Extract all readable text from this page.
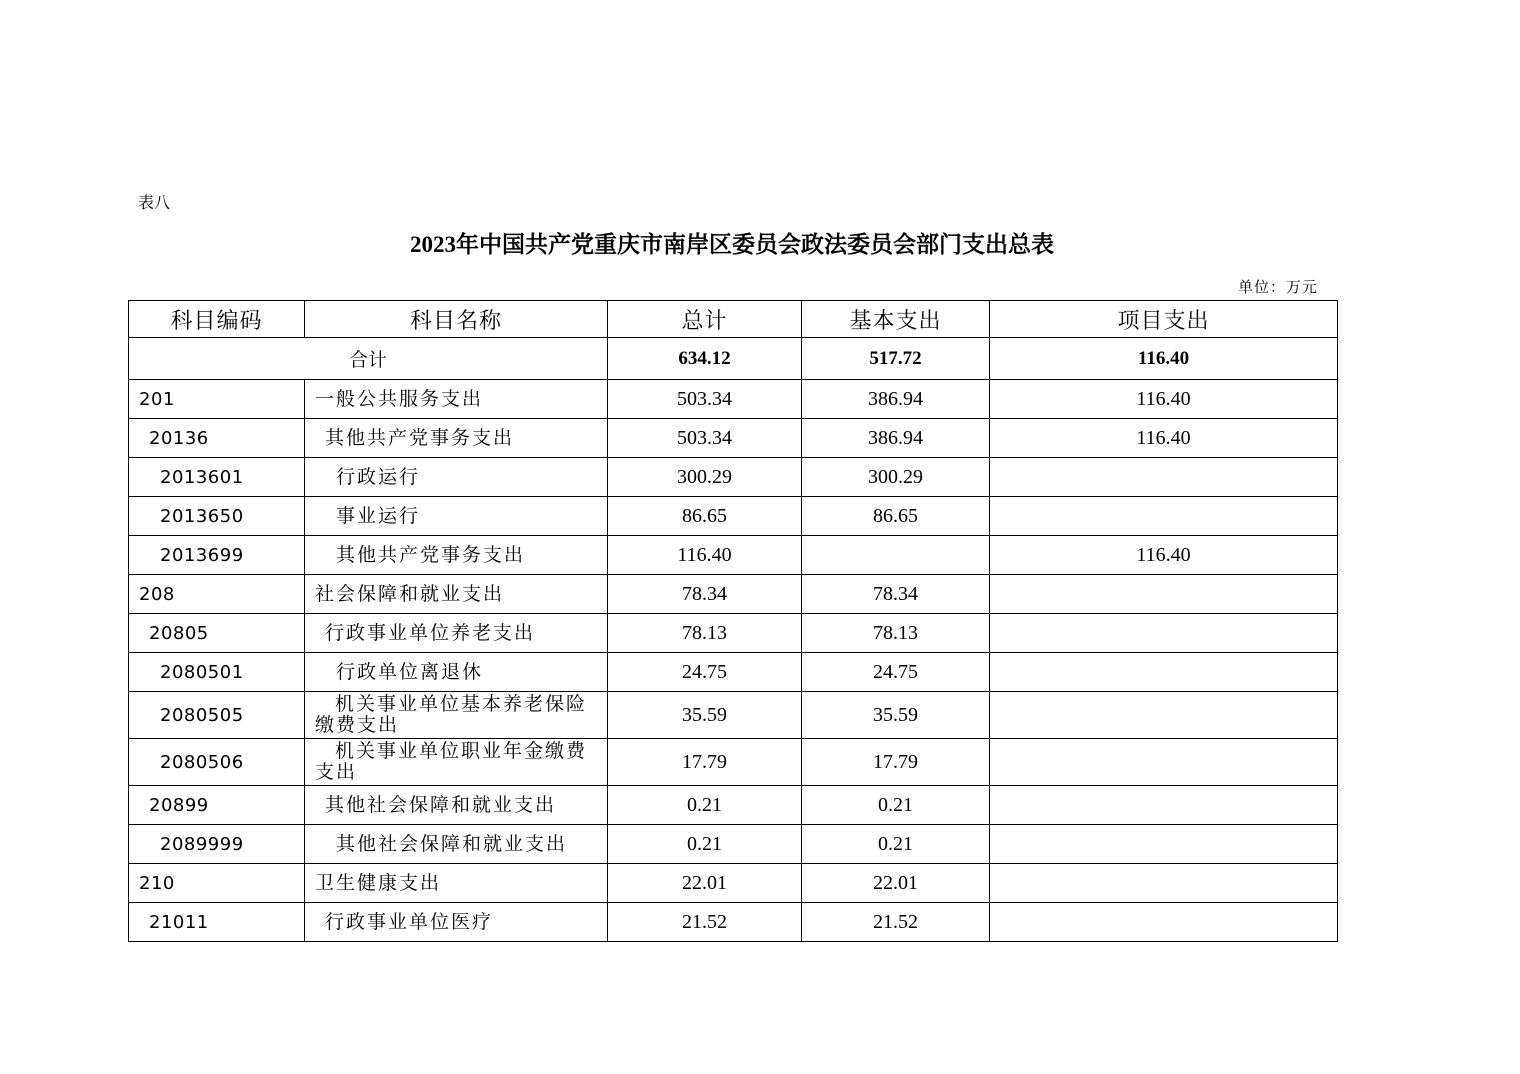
表八
2023年中国共产党重庆市南岸区委员会政法委员会部门支出总表
单位：万元
科目编码	科目名称	总计	基本支出	项目支出
合计		634.12	517.72	116.40
201	一般公共服务支出	503.34	386.94	116.40
20136	其他共产党事务支出	503.34	386.94	116.40
2013601	行政运行	300.29	300.29	
2013650	事业运行	86.65	86.65	
2013699	其他共产党事务支出	116.40		116.40
208	社会保障和就业支出	78.34	78.34	
20805	行政事业单位养老支出	78.13	78.13	
2080501	行政单位离退休	24.75	24.75	
2080505	机关事业单位基本养老保险
缴费支出	35.59	35.59	
2080506	机关事业单位职业年金缴费
支出	17.79	17.79	
20899	其他社会保障和就业支出	0.21	0.21	
2089999	其他社会保障和就业支出	0.21	0.21	
210	卫生健康支出	22.01	22.01	
21011	行政事业单位医疗	21.52	21.52	
